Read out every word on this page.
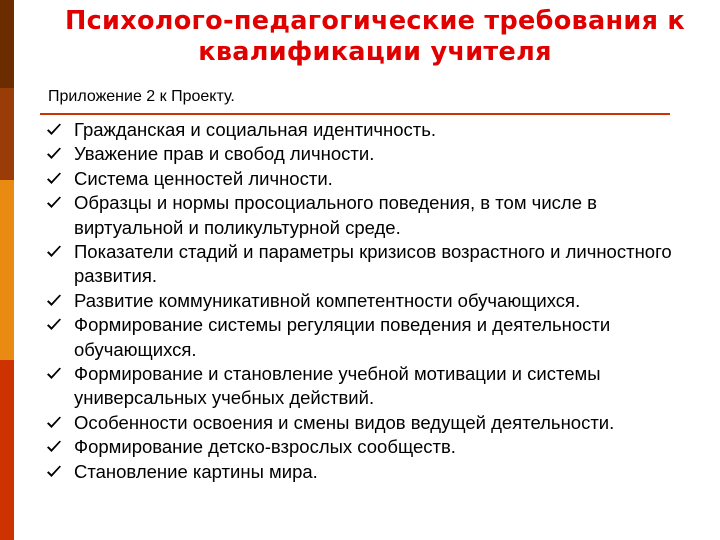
Психолого-педагогические требования к
квалификации учителя

Приложение 2 к Проекту.

Гражданская и социальная идентичность.
Уважение прав и свобод личности.
Система ценностей личности.
Образцы и нормы просоциального поведения, в том числе в виртуальной и поликультурной среде.
Показатели стадий и параметры кризисов возрастного и личностного развития.
Развитие коммуникативной компетентности обучающихся.
Формирование системы регуляции поведения и деятельности обучающихся.
Формирование и становление учебной мотивации и системы универсальных учебных действий.
Особенности освоения и смены видов ведущей деятельности.
Формирование детско-взрослых сообществ.
Становление картины мира.
